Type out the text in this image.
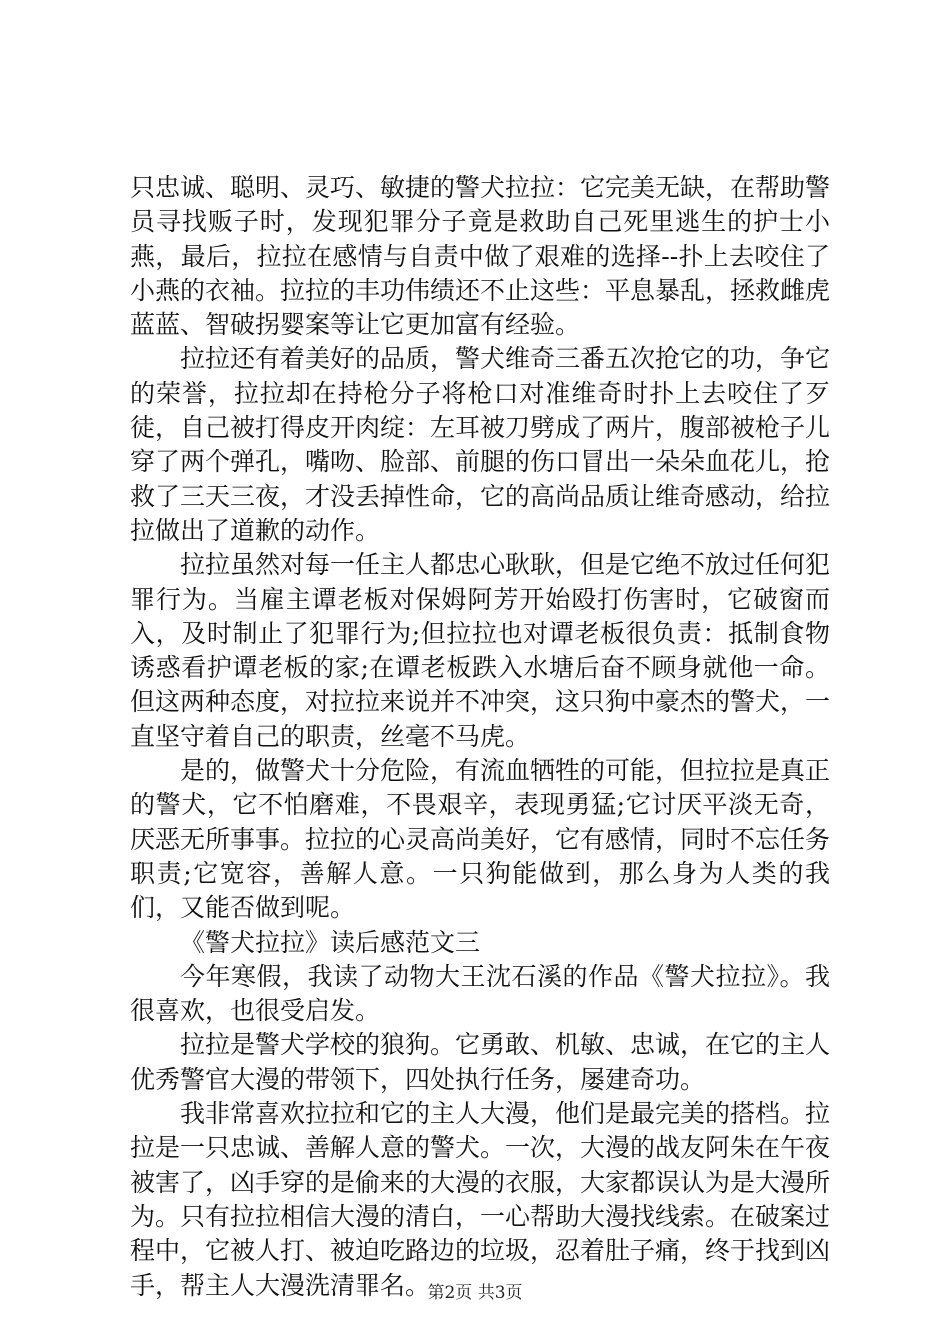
只忠诚、聪明、灵巧、敏捷的警犬拉拉：它完美无缺，在帮助警员寻找贩子时，发现犯罪分子竟是救助自己死里逃生的护士小燕，最后，拉拉在感情与自责中做了艰难的选择--扑上去咬住了小燕的衣袖。拉拉的丰功伟绩还不止这些：平息暴乱，拯救雌虎蓝蓝、智破拐婴案等让它更加富有经验。

拉拉还有着美好的品质，警犬维奇三番五次抢它的功，争它的荣誉，拉拉却在持枪分子将枪口对准维奇时扑上去咬住了歹徒，自己被打得皮开肉绽：左耳被刀劈成了两片，腹部被枪子儿穿了两个弹孔，嘴吻、脸部、前腿的伤口冒出一朵朵血花儿，抢救了三天三夜，才没丢掉性命，它的高尚品质让维奇感动，给拉拉做出了道歉的动作。

拉拉虽然对每一任主人都忠心耿耿，但是它绝不放过任何犯罪行为。当雇主谭老板对保姆阿芳开始殴打伤害时，它破窗而入，及时制止了犯罪行为;但拉拉也对谭老板很负责：抵制食物诱惑看护谭老板的家;在谭老板跌入水塘后奋不顾身就他一命。但这两种态度，对拉拉来说并不冲突，这只狗中豪杰的警犬，一直坚守着自己的职责，丝毫不马虎。

是的，做警犬十分危险，有流血牺牲的可能，但拉拉是真正的警犬，它不怕磨难，不畏艰辛，表现勇猛;它讨厌平淡无奇，厌恶无所事事。拉拉的心灵高尚美好，它有感情，同时不忘任务职责;它宽容，善解人意。一只狗能做到，那么身为人类的我们，又能否做到呢。

《警犬拉拉》读后感范文三

今年寒假，我读了动物大王沈石溪的作品《警犬拉拉》。我很喜欢，也很受启发。

拉拉是警犬学校的狼狗。它勇敢、机敏、忠诚，在它的主人优秀警官大漫的带领下，四处执行任务，屡建奇功。

我非常喜欢拉拉和它的主人大漫，他们是最完美的搭档。拉拉是一只忠诚、善解人意的警犬。一次，大漫的战友阿朱在午夜被害了，凶手穿的是偷来的大漫的衣服，大家都误认为是大漫所为。只有拉拉相信大漫的清白，一心帮助大漫找线索。在破案过程中，它被人打、被迫吃路边的垃圾，忍着肚子痛，终于找到凶手，帮主人大漫洗清罪名。

第2页 共3页
